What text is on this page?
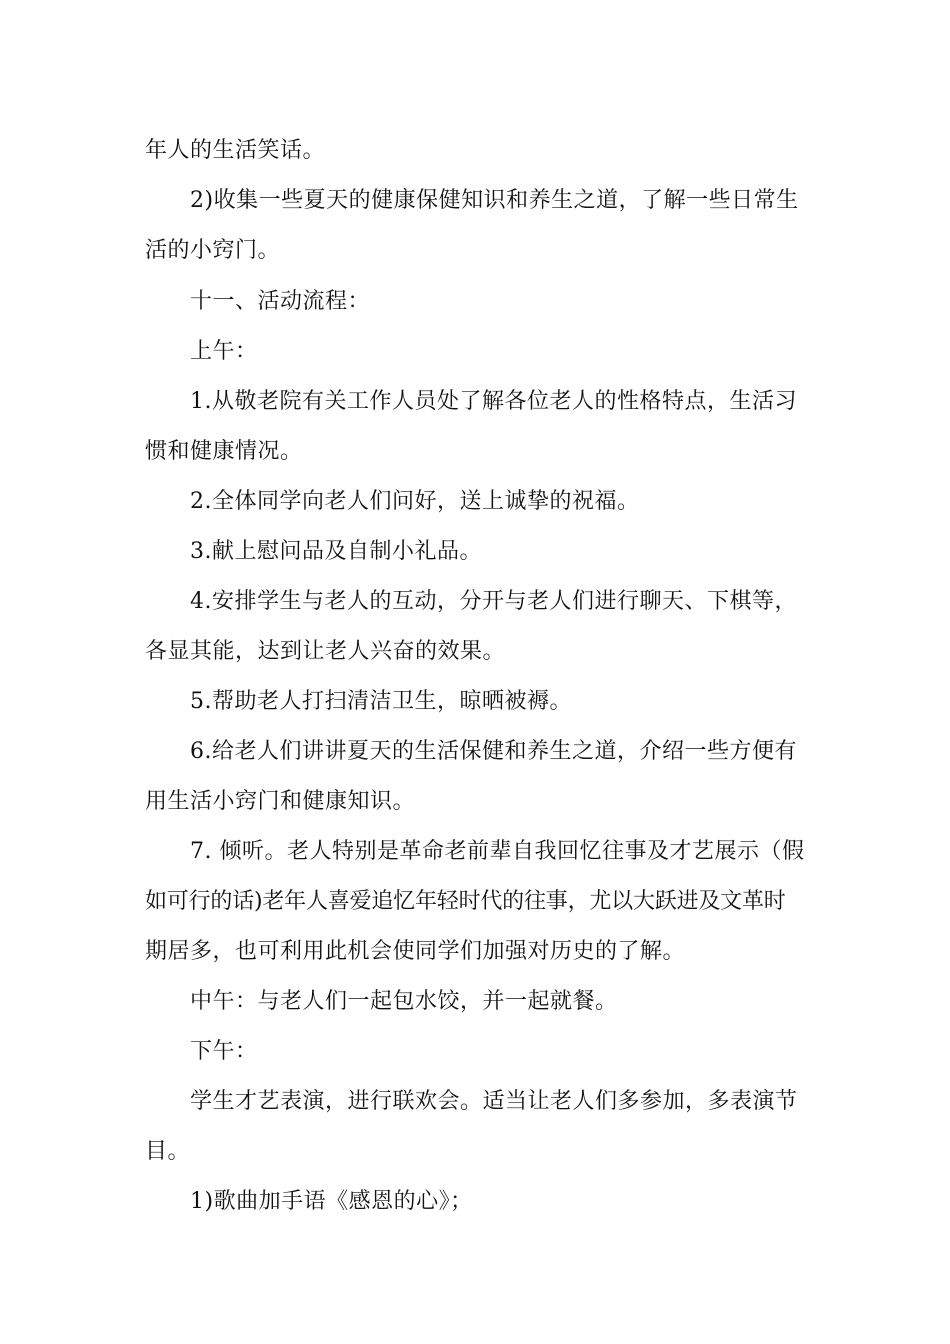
年人的生活笑话。
2)收集一些夏天的健康保健知识和养生之道，了解一些日常生
活的小窍门。
十一、活动流程：
上午：
1.从敬老院有关工作人员处了解各位老人的性格特点，生活习
惯和健康情况。
2.全体同学向老人们问好，送上诚挚的祝福。
3.献上慰问品及自制小礼品。
4.安排学生与老人的互动，分开与老人们进行聊天、下棋等，
各显其能，达到让老人兴奋的效果。
5.帮助老人打扫清洁卫生，晾晒被褥。
6.给老人们讲讲夏天的生活保健和养生之道，介绍一些方便有
用生活小窍门和健康知识。
7. 倾听。老人特别是革命老前辈自我回忆往事及才艺展示（假
如可行的话)老年人喜爱追忆年轻时代的往事，尤以大跃进及文革时
期居多，也可利用此机会使同学们加强对历史的了解。
中午：与老人们一起包水饺，并一起就餐。
下午：
学生才艺表演，进行联欢会。适当让老人们多参加，多表演节
目。
1)歌曲加手语《感恩的心》；
